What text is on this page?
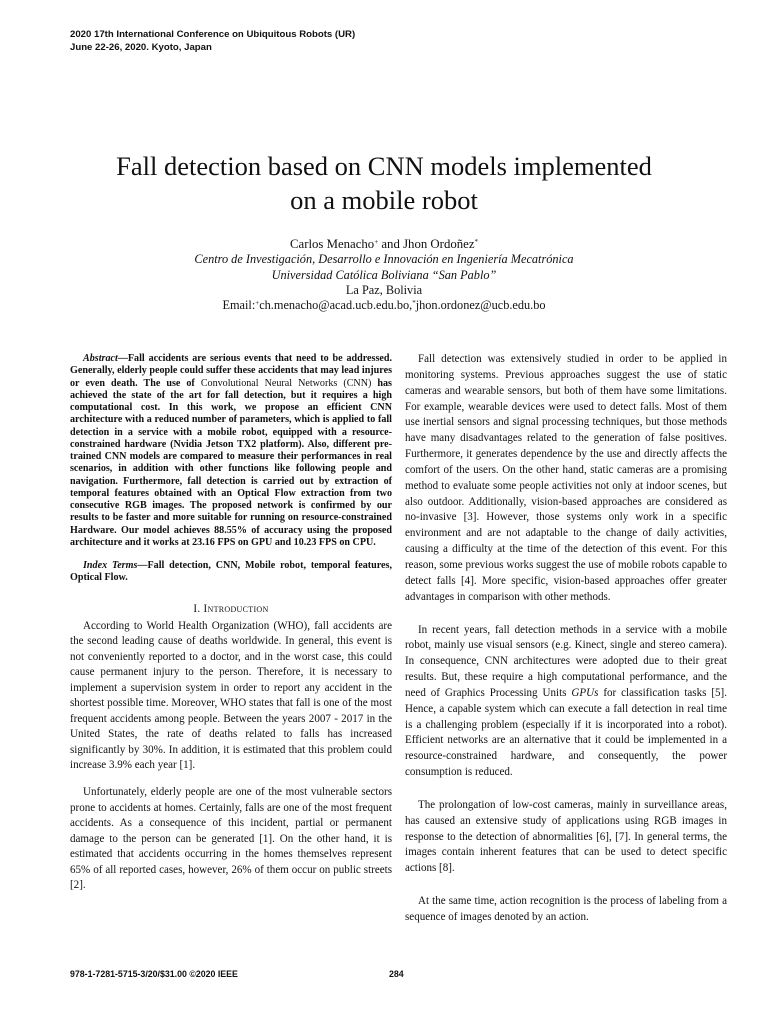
2020 17th International Conference on Ubiquitous Robots (UR)
June 22-26, 2020. Kyoto, Japan
Fall detection based on CNN models implemented
on a mobile robot
Carlos Menacho+ and Jhon Ordoñez*
Centro de Investigación, Desarrollo e Innovación en Ingeniería Mecatrónica
Universidad Católica Boliviana “San Pablo”
La Paz, Bolivia
Email:+ch.menacho@acad.ucb.edu.bo,*jhon.ordonez@ucb.edu.bo

Abstract—Fall accidents are serious events that need to be addressed. Generally, elderly people could suffer these accidents that may lead injures or even death. The use of Convolutional Neural Networks (CNN) has achieved the state of the art for fall detection, but it requires a high computational cost. In this work, we propose an efficient CNN architecture with a reduced number of parameters, which is applied to fall detection in a service with a mobile robot, equipped with a resource-constrained hardware (Nvidia Jetson TX2 platform). Also, different pre-trained CNN models are compared to measure their performances in real scenarios, in addition with other functions like following people and navigation. Furthermore, fall detection is carried out by extraction of temporal features obtained with an Optical Flow extraction from two consecutive RGB images. The proposed network is confirmed by our results to be faster and more suitable for running on resource-constrained Hardware. Our model achieves 88.55% of accuracy using the proposed architecture and it works at 23.16 FPS on GPU and 10.23 FPS on CPU.

Index Terms—Fall detection, CNN, Mobile robot, temporal features, Optical Flow.

I. Introduction

According to World Health Organization (WHO), fall accidents are the second leading cause of deaths worldwide. In general, this event is not conveniently reported to a doctor, and in the worst case, this could cause permanent injury to the person. Therefore, it is necessary to implement a supervision system in order to report any accident in the shortest possible time. Moreover, WHO states that fall is one of the most frequent accidents among people. Between the years 2007 - 2017 in the United States, the rate of deaths related to falls has increased significantly by 30%. In addition, it is estimated that this problem could increase 3.9% each year [1].

Unfortunately, elderly people are one of the most vulnerable sectors prone to accidents at homes. Certainly, falls are one of the most frequent accidents. As a consequence of this incident, partial or permanent damage to the person can be generated [1]. On the other hand, it is estimated that accidents occurring in the homes themselves represent 65% of all reported cases, however, 26% of them occur on public streets [2].

Fall detection was extensively studied in order to be applied in monitoring systems. Previous approaches suggest the use of static cameras and wearable sensors, but both of them have some limitations. For example, wearable devices were used to detect falls. Most of them use inertial sensors and signal processing techniques, but those methods have many disadvantages related to the generation of false positives. Furthermore, it generates dependence by the use and directly affects the comfort of the users. On the other hand, static cameras are a promising method to evaluate some people activities not only at indoor scenes, but also outdoor. Additionally, vision-based approaches are considered as no-invasive [3]. However, those systems only work in a specific environment and are not adaptable to the change of daily activities, causing a difficulty at the time of the detection of this event. For this reason, some previous works suggest the use of mobile robots capable to detect falls [4]. More specific, vision-based approaches offer greater advantages in comparison with other methods.

In recent years, fall detection methods in a service with a mobile robot, mainly use visual sensors (e.g. Kinect, single and stereo camera). In consequence, CNN architectures were adopted due to their great results. But, these require a high computational performance, and the need of Graphics Processing Units GPUs for classification tasks [5]. Hence, a capable system which can execute a fall detection in real time is a challenging problem (especially if it is incorporated into a robot). Efficient networks are an alternative that it could be implemented in a resource-constrained hardware, and consequently, the power consumption is reduced.

The prolongation of low-cost cameras, mainly in surveillance areas, has caused an extensive study of applications using RGB images in response to the detection of abnormalities [6], [7]. In general terms, the images contain inherent features that can be used to detect specific actions [8].

At the same time, action recognition is the process of labeling from a sequence of images denoted by an action.

978-1-7281-5715-3/20/$31.00 ©2020 IEEE	284
